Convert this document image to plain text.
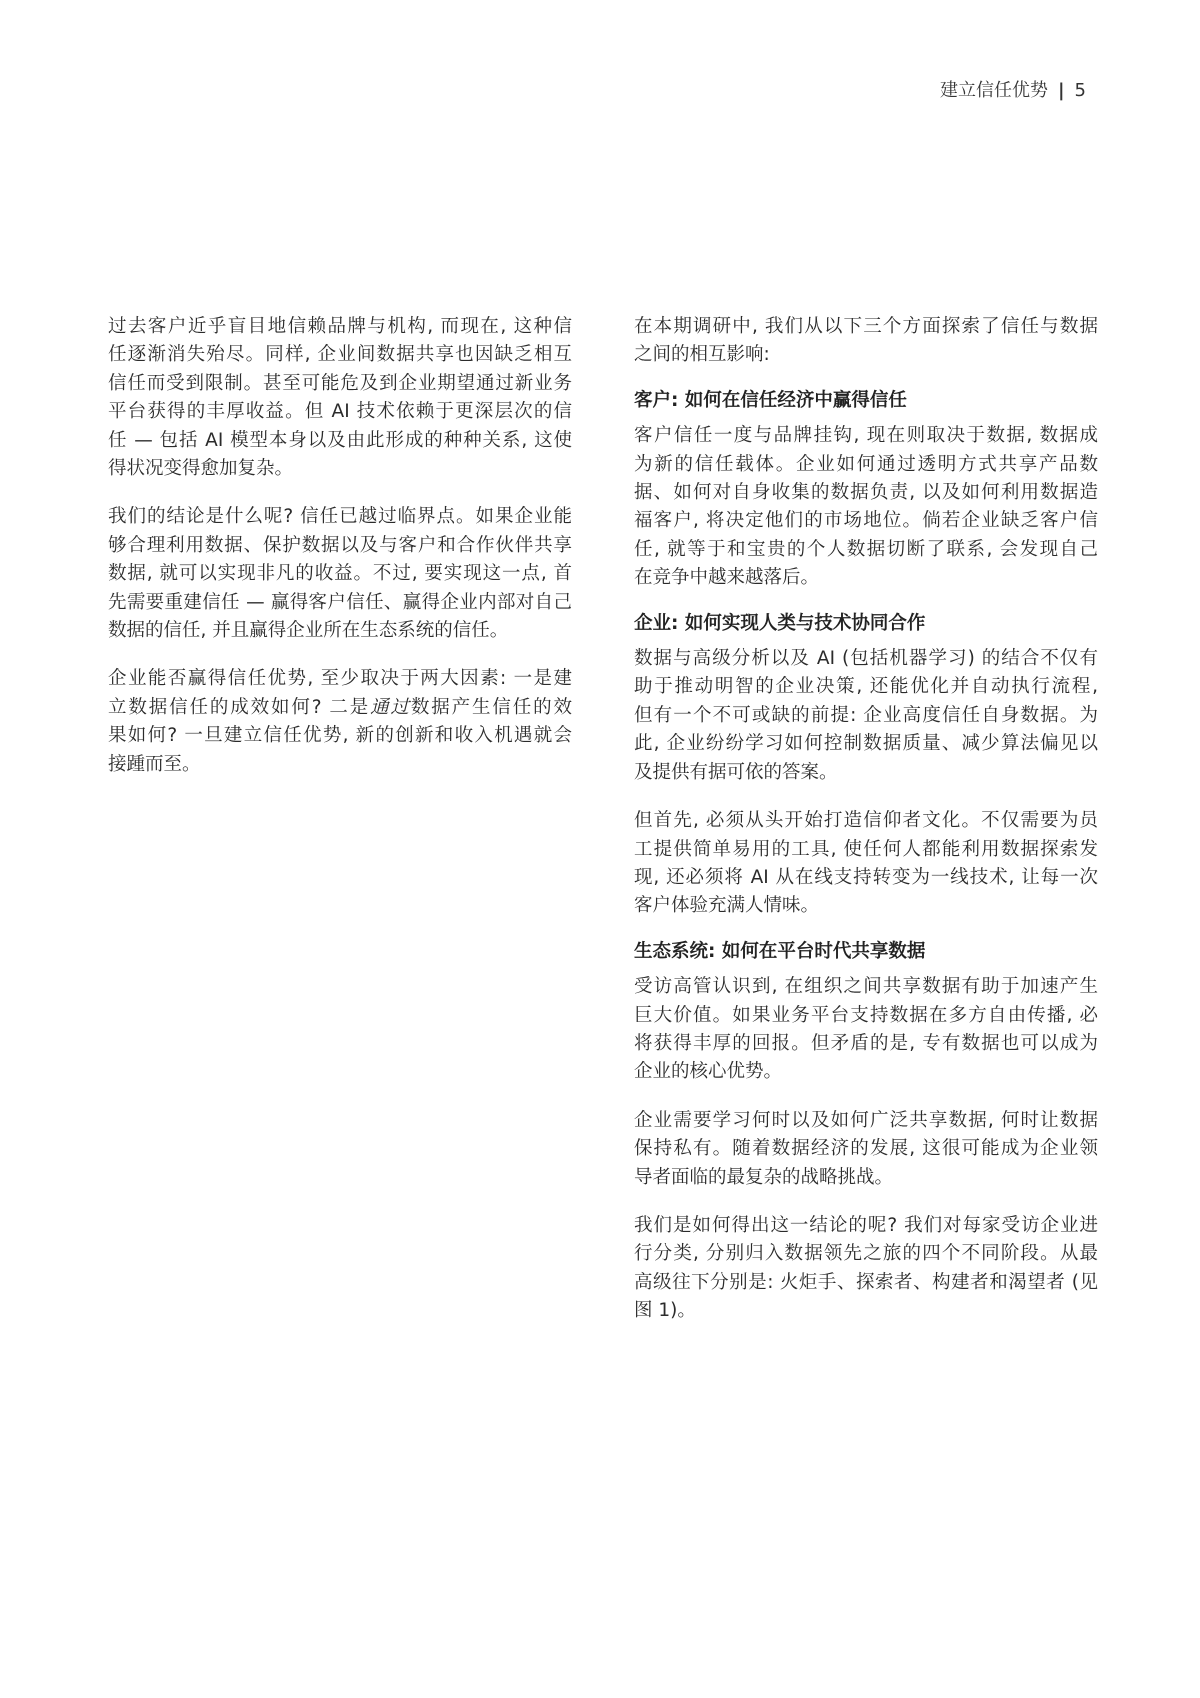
建立信任优势 | 5
过去客户近乎盲目地信赖品牌与机构, 而现在, 这种信
任逐渐消失殆尽。同样, 企业间数据共享也因缺乏相互
信任而受到限制。甚至可能危及到企业期望通过新业务
平台获得的丰厚收益。但 AI 技术依赖于更深层次的信
任 — 包括 AI 模型本身以及由此形成的种种关系, 这使
得状况变得愈加复杂。
我们的结论是什么呢? 信任已越过临界点。如果企业能
够合理利用数据、保护数据以及与客户和合作伙伴共享
数据, 就可以实现非凡的收益。不过, 要实现这一点, 首
先需要重建信任 — 赢得客户信任、赢得企业内部对自己
数据的信任, 并且赢得企业所在生态系统的信任。
企业能否赢得信任优势, 至少取决于两大因素: 一是建
立数据信任的成效如何? 二是通过数据产生信任的效
果如何? 一旦建立信任优势, 新的创新和收入机遇就会
接踵而至。
在本期调研中, 我们从以下三个方面探索了信任与数据
之间的相互影响:
客户: 如何在信任经济中赢得信任
客户信任一度与品牌挂钩, 现在则取决于数据, 数据成
为新的信任载体。企业如何通过透明方式共享产品数
据、如何对自身收集的数据负责, 以及如何利用数据造
福客户, 将决定他们的市场地位。倘若企业缺乏客户信
任, 就等于和宝贵的个人数据切断了联系, 会发现自己
在竞争中越来越落后。
企业: 如何实现人类与技术协同合作
数据与高级分析以及 AI (包括机器学习) 的结合不仅有
助于推动明智的企业决策, 还能优化并自动执行流程,
但有一个不可或缺的前提: 企业高度信任自身数据。为
此, 企业纷纷学习如何控制数据质量、减少算法偏见以
及提供有据可依的答案。
但首先, 必须从头开始打造信仰者文化。不仅需要为员
工提供简单易用的工具, 使任何人都能利用数据探索发
现, 还必须将 AI 从在线支持转变为一线技术, 让每一次
客户体验充满人情味。
生态系统: 如何在平台时代共享数据
受访高管认识到, 在组织之间共享数据有助于加速产生
巨大价值。如果业务平台支持数据在多方自由传播, 必
将获得丰厚的回报。但矛盾的是, 专有数据也可以成为
企业的核心优势。
企业需要学习何时以及如何广泛共享数据, 何时让数据
保持私有。随着数据经济的发展, 这很可能成为企业领
导者面临的最复杂的战略挑战。
我们是如何得出这一结论的呢? 我们对每家受访企业进
行分类, 分别归入数据领先之旅的四个不同阶段。从最
高级往下分别是: 火炬手、探索者、构建者和渴望者 (见
图 1)。
